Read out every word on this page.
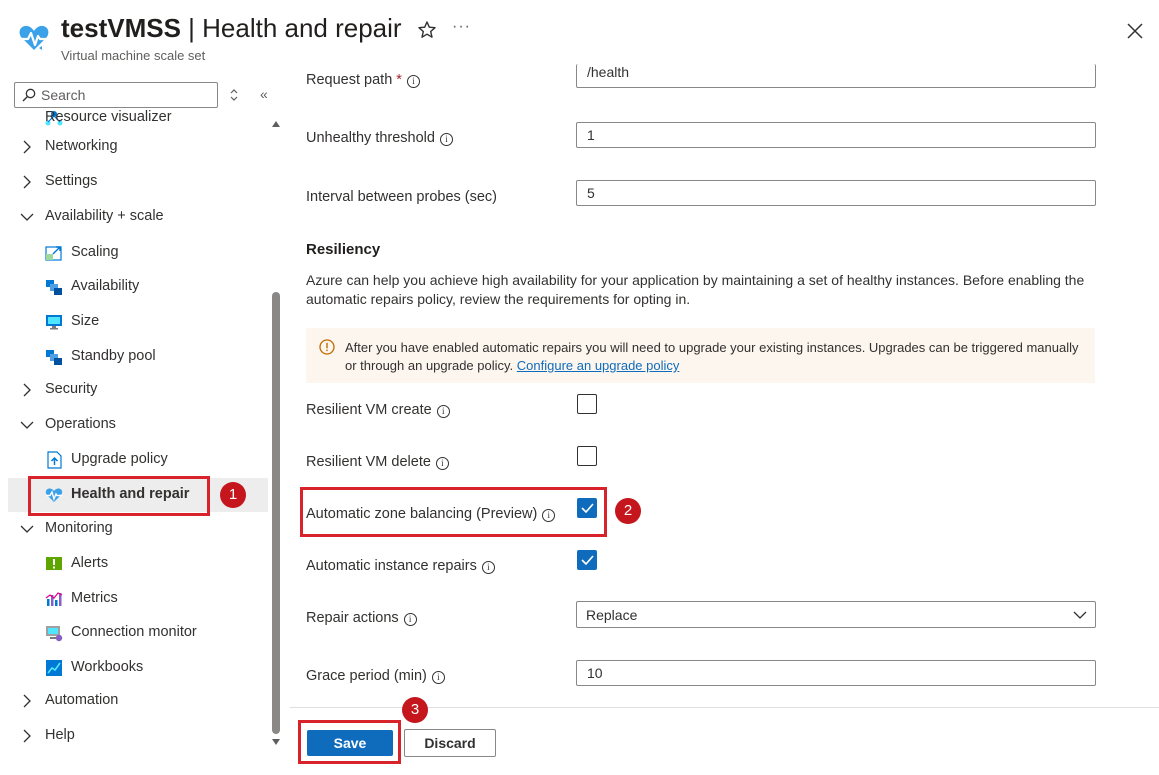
testVMSS | Health and repair
Virtual machine scale set
···
Search
«
Resource visualizer
Networking
Settings
Availability + scale
Scaling
Availability
Size
Standby pool
Security
Operations
Upgrade policy
Health and repair
Monitoring
Alerts
Metrics
Connection monitor
Workbooks
Automation
Help
Request path * i
/health
Unhealthy threshold i
1
Interval between probes (sec)
5
Resiliency
Azure can help you achieve high availability for your application by maintaining a set of healthy instances. Before enabling the automatic repairs policy, review the requirements for opting in.
After you have enabled automatic repairs you will need to upgrade your existing instances. Upgrades can be triggered manually or through an upgrade policy. Configure an upgrade policy
Resilient VM create i
Resilient VM delete i
Automatic zone balancing (Preview) i
Automatic instance repairs i
Repair actions i	Replace
Grace period (min) i
10
Save	Discard
1
2
3
